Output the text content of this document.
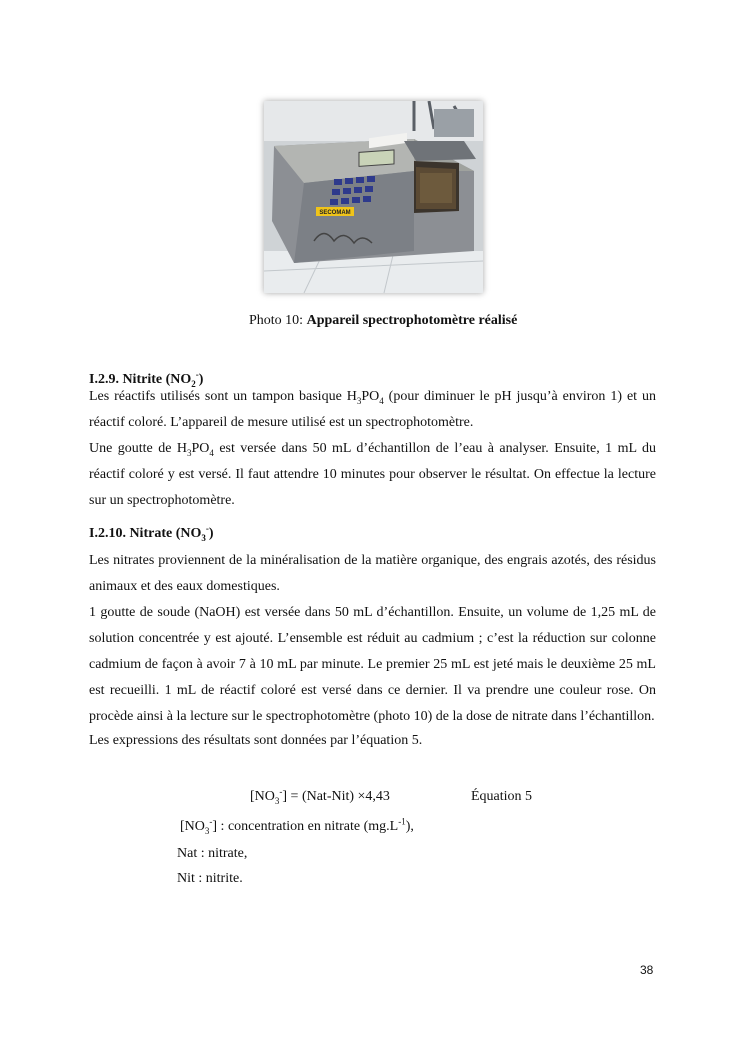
SECOMAM
Photo 10: Appareil spectrophotomètre réalisé
I.2.9. Nitrite $(NO_2^-)$

Les réactifs utilisés sont un tampon basique $H_3PO_4$ (pour diminuer le pH jusqu’à environ 1) et un réactif coloré. L’appareil de mesure utilisé est un spectrophotomètre.

Une goutte de $H_3PO_4$ est versée dans 50 mL d’échantillon de l’eau à analyser. Ensuite, 1 mL du réactif coloré y est versé. Il faut attendre 10 minutes pour observer le résultat. On effectue la lecture sur un spectrophotomètre.

I.2.10. Nitrate $(NO_3^-)$

Les nitrates proviennent de la minéralisation de la matière organique, des engrais azotés, des résidus animaux et des eaux domestiques.

1 goutte de soude (NaOH) est versée dans 50 mL d’échantillon. Ensuite, un volume de 1,25 mL de solution concentrée y est ajouté. L’ensemble est réduit au cadmium ; c’est la réduction sur colonne cadmium de façon à avoir 7 à 10 mL par minute. Le premier 25 mL est jeté mais le deuxième 25 mL est recueilli. 1 mL de réactif coloré est versé dans ce dernier. Il va prendre une couleur rose. On procède ainsi à la lecture sur le spectrophotomètre (photo 10) de la dose de nitrate dans l’échantillon.

Les expressions des résultats sont données par l’équation 5.

$[NO_3^-] = (Nat-Nit) \times 4,43$	Équation 5
$[NO_3^-]$ : concentration en nitrate $(mg.L^{-1})$,
Nat : nitrate,
Nit : nitrite.
38
